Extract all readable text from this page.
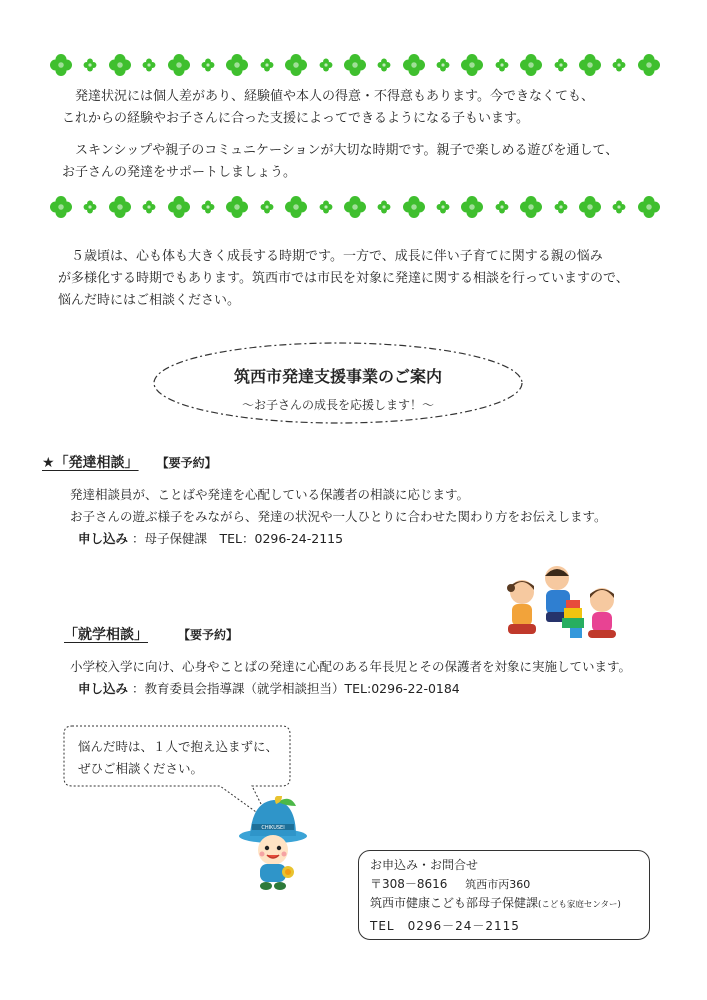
　発達状況には個人差があり、経験値や本人の得意・不得意もあります。今できなくても、
これからの経験やお子さんに合った支援によってできるようになる子もいます。
　スキンシップや親子のコミュニケーションが大切な時期です。親子で楽しめる遊びを通して、
お子さんの発達をサポートしましょう。
　５歳頃は、心も体も大きく成長する時期です。一方で、成長に伴い子育てに関する親の悩み
が多様化する時期でもあります。筑西市では市民を対象に発達に関する相談を行っていますので、
悩んだ時にはご相談ください。
筑西市発達支援事業のご案内
～お子さんの成長を応援します！～
★「発達相談」 【要予約】
発達相談員が、ことばや発達を心配している保護者の相談に応じます。
お子さんの遊ぶ様子をみながら、発達の状況や一人ひとりに合わせた関わり方をお伝えします。
申し込み ：母子保健課　TEL：0296-24-2115
「就学相談」	【要予約】
小学校入学に向け、心身やことばの発達に心配のある年長児とその保護者を対象に実施しています。
申し込み ：教育委員会指導課（就学相談担当）TEL:0296-22-0184
悩んだ時は、１人で抱え込まずに、
ぜひご相談ください。
CHIKUSEI
お申込み・お問合せ
〒308－8616 筑西市丙360
筑西市健康こども部母子保健課(こども家庭センター)
TEL　0296－24－2115
